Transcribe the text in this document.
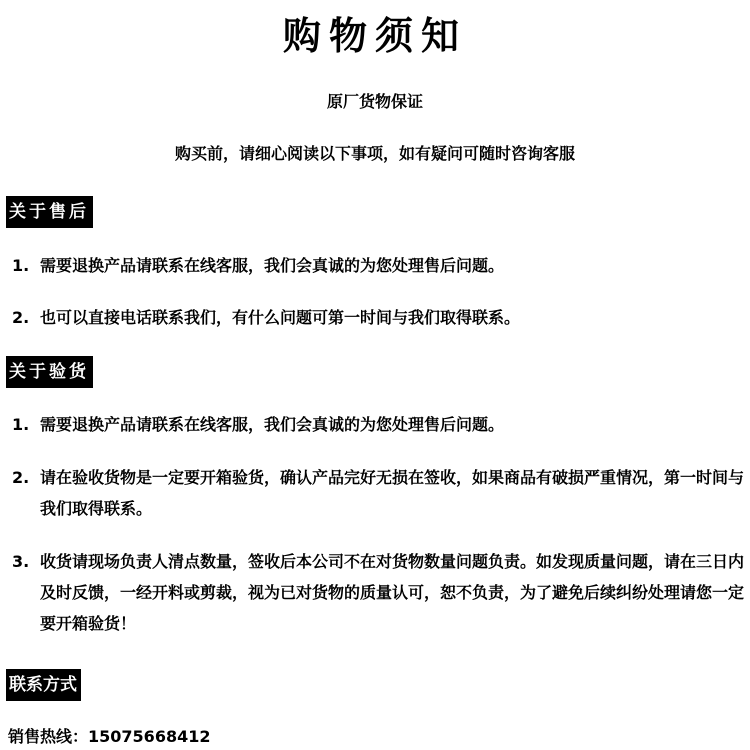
购物须知
原厂货物保证
购买前，请细心阅读以下事项，如有疑问可随时咨询客服
关于售后
1. 需要退换产品请联系在线客服，我们会真诚的为您处理售后问题。
2. 也可以直接电话联系我们，有什么问题可第一时间与我们取得联系。
关于验货
1. 需要退换产品请联系在线客服，我们会真诚的为您处理售后问题。
2. 请在验收货物是一定要开箱验货，确认产品完好无损在签收，如果商品有破损严重情况，第一时间与我们取得联系。
3. 收货请现场负责人清点数量，签收后本公司不在对货物数量问题负责。如发现质量问题，请在三日内及时反馈，一经开料或剪裁，视为已对货物的质量认可，恕不负责，为了避免后续纠纷处理请您一定要开箱验货！
联系方式
销售热线：15075668412
